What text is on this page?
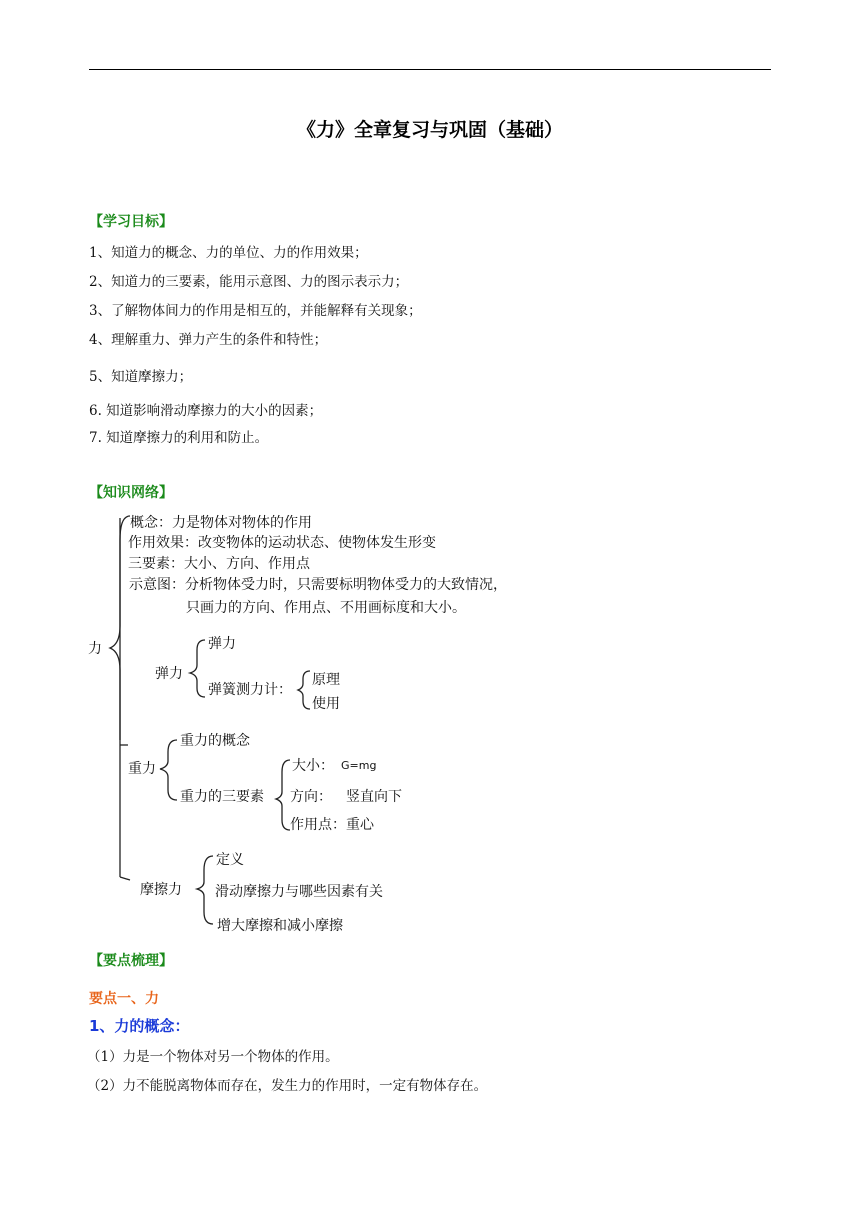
《力》全章复习与巩固（基础）
【学习目标】
1、知道力的概念、力的单位、力的作用效果；
2、知道力的三要素，能用示意图、力的图示表示力；
3、了解物体间力的作用是相互的，并能解释有关现象；
4、理解重力、弹力产生的条件和特性；
5、知道摩擦力；
6. 知道影响滑动摩擦力的大小的因素；
7. 知道摩擦力的利用和防止。
【知识网络】
力
概念：力是物体对物体的作用
作用效果：改变物体的运动状态、使物体发生形变
三要素：大小、方向、作用点
示意图：分析物体受力时，只需要标明物体受力的大致情况，
只画力的方向、作用点、不用画标度和大小。
弹力
弹力
弹簧测力计：
原理
使用
重力
重力的概念
重力的三要素
大小： G=mg
方向： 竖直向下
作用点：重心
摩擦力
定义
滑动摩擦力与哪些因素有关
增大摩擦和减小摩擦
【要点梳理】
要点一、力
1、力的概念：
（1）力是一个物体对另一个物体的作用。
（2）力不能脱离物体而存在，发生力的作用时，一定有物体存在。
